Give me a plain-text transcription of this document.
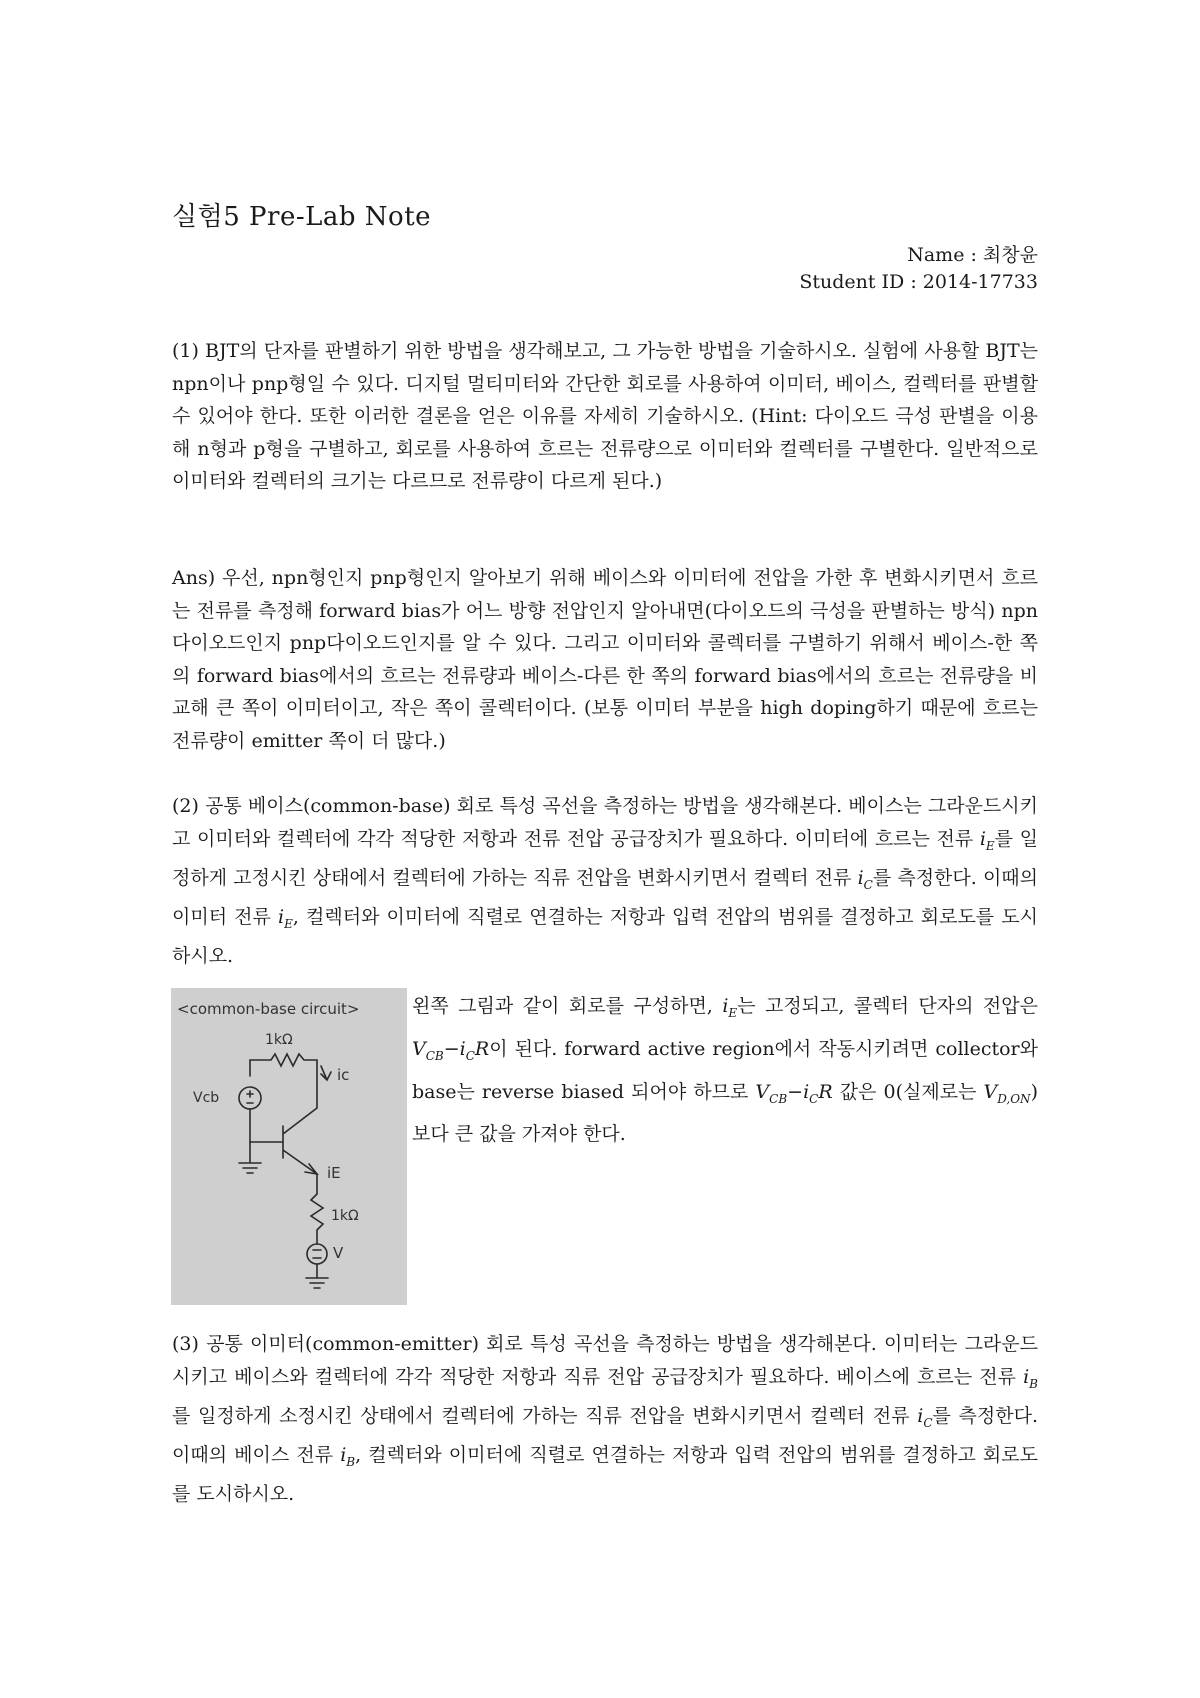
실험5 Pre-Lab Note
Name : 최창윤
Student ID : 2014-17733

(1) BJT의 단자를 판별하기 위한 방법을 생각해보고, 그 가능한 방법을 기술하시오. 실험에 사용할 BJT는 npn이나 pnp형일 수 있다. 디지털 멀티미터와 간단한 회로를 사용하여 이미터, 베이스, 컬렉터를 판별할 수 있어야 한다. 또한 이러한 결론을 얻은 이유를 자세히 기술하시오. (Hint: 다이오드 극성 판별을 이용해 n형과 p형을 구별하고, 회로를 사용하여 흐르는 전류량으로 이미터와 컬렉터를 구별한다. 일반적으로 이미터와 컬렉터의 크기는 다르므로 전류량이 다르게 된다.)

Ans) 우선, npn형인지 pnp형인지 알아보기 위해 베이스와 이미터에 전압을 가한 후 변화시키면서 흐르는 전류를 측정해 forward bias가 어느 방향 전압인지 알아내면(다이오드의 극성을 판별하는 방식) npn다이오드인지 pnp다이오드인지를 알 수 있다. 그리고 이미터와 콜렉터를 구별하기 위해서 베이스-한 쪽의 forward bias에서의 흐르는 전류량과 베이스-다른 한 쪽의 forward bias에서의 흐르는 전류량을 비교해 큰 쪽이 이미터이고, 작은 쪽이 콜렉터이다. (보통 이미터 부분을 high doping하기 때문에 흐르는 전류량이 emitter 쪽이 더 많다.)

(2) 공통 베이스(common-base) 회로 특성 곡선을 측정하는 방법을 생각해본다. 베이스는 그라운드시키고 이미터와 컬렉터에 각각 적당한 저항과 전류 전압 공급장치가 필요하다. 이미터에 흐르는 전류 $i_E$를 일정하게 고정시킨 상태에서 컬렉터에 가하는 직류 전압을 변화시키면서 컬렉터 전류 $i_C$를 측정한다. 이때의 이미터 전류 $i_E$, 컬렉터와 이미터에 직렬로 연결하는 저항과 입력 전압의 범위를 결정하고 회로도를 도시하시오.

<common-base circuit>
1kΩ
Vcb
ic
iE
1kΩ
V

왼쪽 그림과 같이 회로를 구성하면, $i_E$는 고정되고, 콜렉터 단자의 전압은 $V_{CB}-i_CR$이 된다. forward active region에서 작동시키려면 collector와 base는 reverse biased 되어야 하므로 $V_{CB}-i_CR$ 값은 0(실제로는 $V_{D,ON}$)보다 큰 값을 가져야 한다.

(3) 공통 이미터(common-emitter) 회로 특성 곡선을 측정하는 방법을 생각해본다. 이미터는 그라운드 시키고 베이스와 컬렉터에 각각 적당한 저항과 직류 전압 공급장치가 필요하다. 베이스에 흐르는 전류 $i_B$를 일정하게 소정시킨 상태에서 컬렉터에 가하는 직류 전압을 변화시키면서 컬렉터 전류 $i_C$를 측정한다. 이때의 베이스 전류 $i_B$, 컬렉터와 이미터에 직렬로 연결하는 저항과 입력 전압의 범위를 결정하고 회로도를 도시하시오.
